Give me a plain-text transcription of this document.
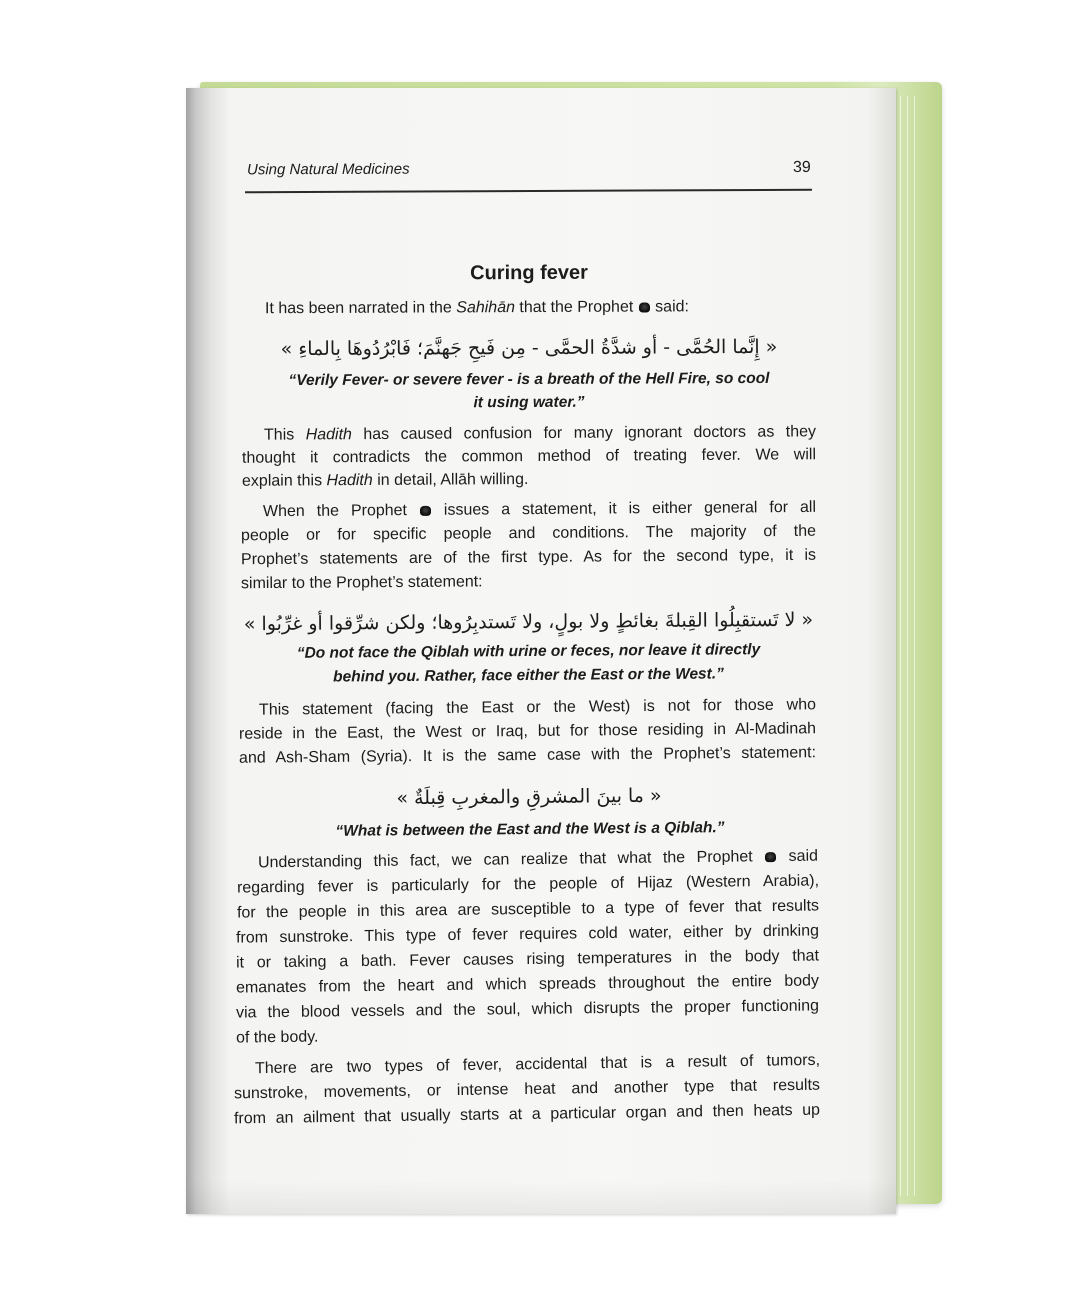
Using Natural Medicines	39
Curing fever
It has been narrated in the Sahihān that the Prophet  said:
« إِنَّما الحُمَّى - أو شدَّةُ الحمَّى - مِن فَيحِ جَهنَّمَ؛ فَابْرُدُوهَا بِالماءِ »
“Verily Fever- or severe fever - is a breath of the Hell Fire, so cool
it using water.”
This Hadith has caused confusion for many ignorant doctors as they
thought it contradicts the common method of treating fever. We will
explain this Hadith in detail, Allāh willing.
When the Prophet  issues a statement, it is either general for all
people or for specific people and conditions. The majority of the
Prophet’s statements are of the first type. As for the second type, it is
similar to the Prophet’s statement:
« لا تَستقبِلُوا القِبلةَ بغائطٍ ولا بولٍ، ولا تَستدبِرُوها؛ ولكن شرِّقوا أو غرِّبُوا »
“Do not face the Qiblah with urine or feces, nor leave it directly
behind you. Rather, face either the East or the West.”
This statement (facing the East or the West) is not for those who
reside in the East, the West or Iraq, but for those residing in Al-Madinah
and Ash-Sham (Syria). It is the same case with the Prophet’s statement:
« ما بينَ المشرقِ والمغربِ قِبلَةٌ »
“What is between the East and the West is a Qiblah.”
Understanding this fact, we can realize that what the Prophet  said
regarding fever is particularly for the people of Hijaz (Western Arabia),
for the people in this area are susceptible to a type of fever that results
from sunstroke. This type of fever requires cold water, either by drinking
it or taking a bath. Fever causes rising temperatures in the body that
emanates from the heart and which spreads throughout the entire body
via the blood vessels and the soul, which disrupts the proper functioning
of the body.
There are two types of fever, accidental that is a result of tumors,
sunstroke, movements, or intense heat and another type that results
from an ailment that usually starts at a particular organ and then heats up
